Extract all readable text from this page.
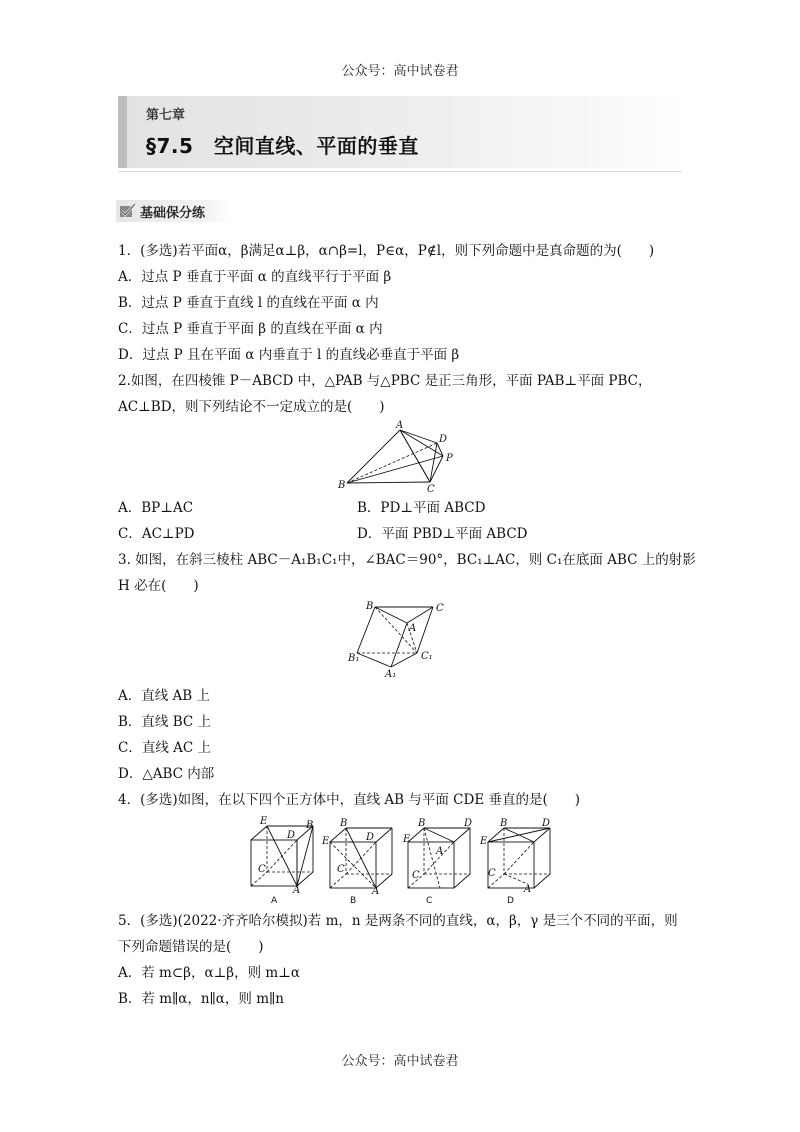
公众号：高中试卷君
第七章
§7.5　空间直线、平面的垂直
基础保分练
1．(多选)若平面α，β满足α⊥β，α∩β=l，P∈α，P∉l，则下列命题中是真命题的为(　　)
A．过点 P 垂直于平面 α 的直线平行于平面 β
B．过点 P 垂直于直线 l 的直线在平面 α 内
C．过点 P 垂直于平面 β 的直线在平面 α 内
D．过点 P 且在平面 α 内垂直于 l 的直线必垂直于平面 β
2.如图，在四棱锥 P－ABCD 中，△PAB 与△PBC 是正三角形，平面 PAB⊥平面 PBC，
AC⊥BD，则下列结论不一定成立的是(　　)
A
B	C
D
P
A．BP⊥AC	B．PD⊥平面 ABCD
C．AC⊥PD	D．平面 PBD⊥平面 ABCD
3. 如图，在斜三棱柱 ABC－A₁B₁C₁中，∠BAC＝90°，BC₁⊥AC，则 C₁在底面 ABC 上的射影
H 必在(　　)
B	C
A
B₁	C₁
A₁
A．直线 AB 上
B．直线 BC 上
C．直线 AC 上
D．△ABC 内部
4．(多选)如图，在以下四个正方体中，直线 AB 与平面 CDE 垂直的是(　　)
E
D
B
C
A
A
E
B
D
C
A
B
B
E
D
A
C
C
E
B	D
C
A
D
5．(多选)(2022·齐齐哈尔模拟)若 m，n 是两条不同的直线，α，β，γ 是三个不同的平面，则
下列命题错误的是(　　)
A．若 m⊂β，α⊥β，则 m⊥α
B．若 m∥α，n∥α，则 m∥n
公众号：高中试卷君
